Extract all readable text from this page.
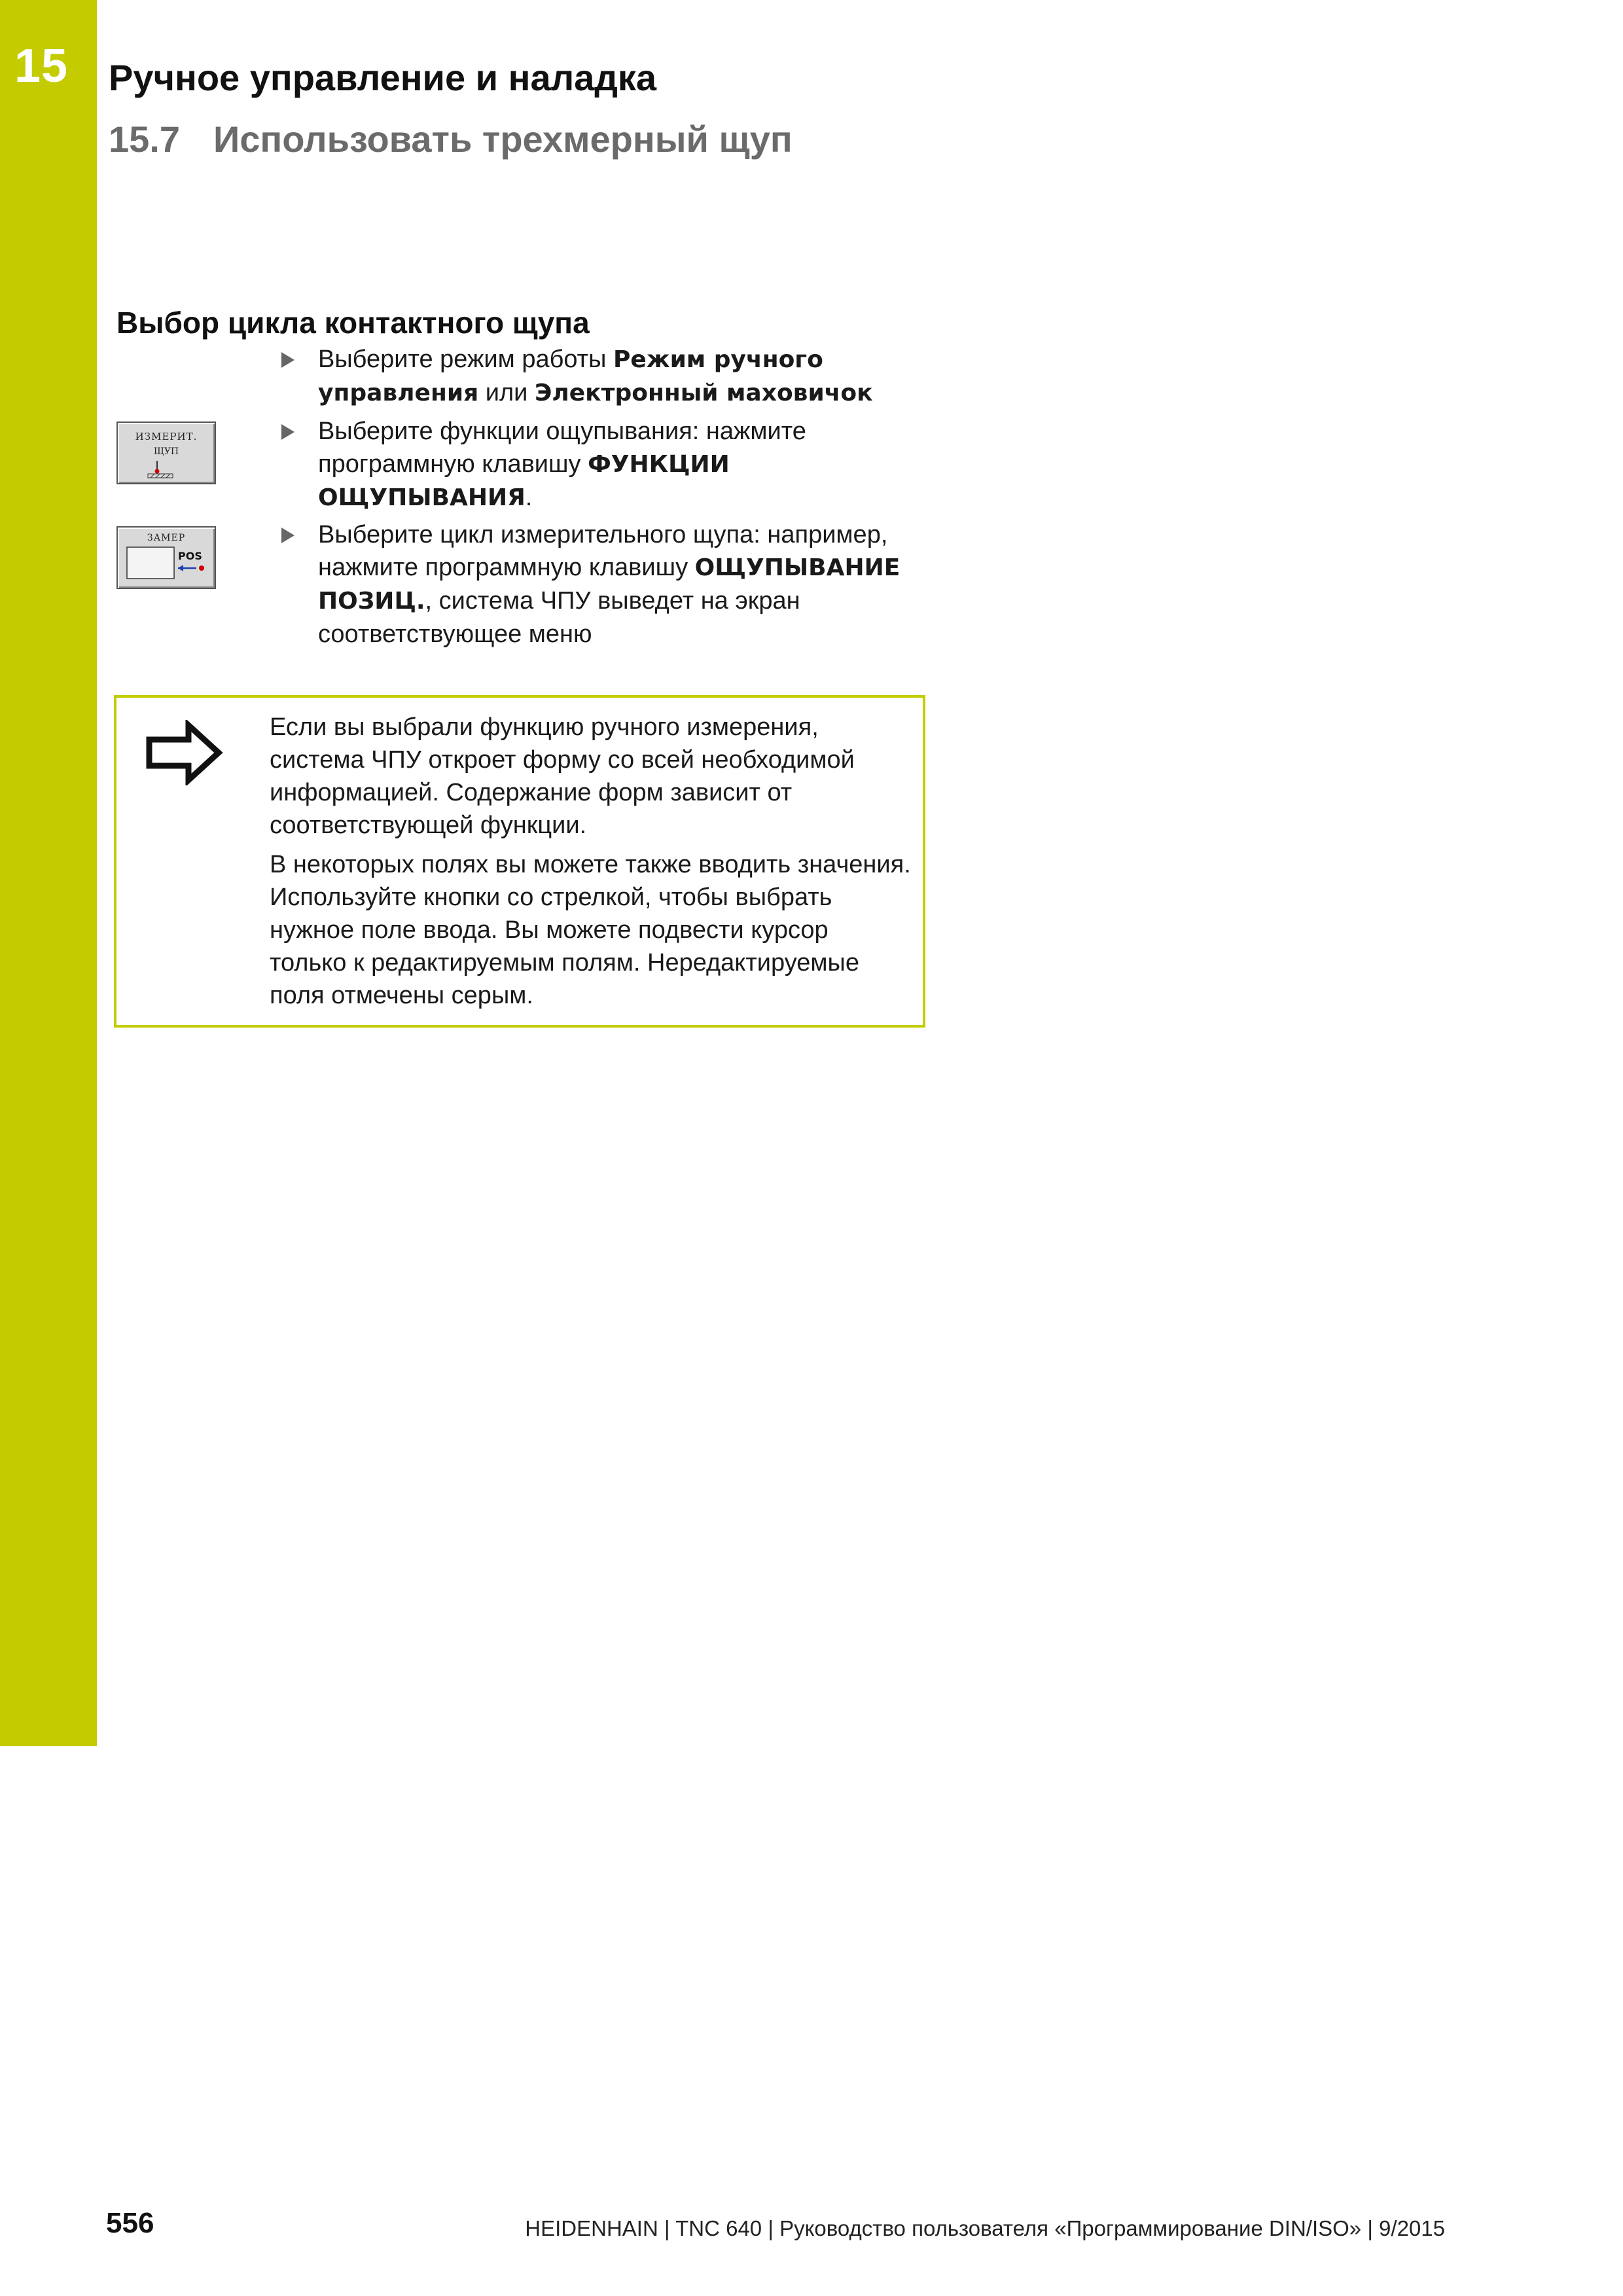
15 Ручное управление и наладка
15.7 Использовать трехмерный щуп
Выбор цикла контактного щупа
Выберите режим работы Режим ручного управления или Электронный маховичок
ИЗМЕРИТ.
ЩУП
Выберите функции ощупывания: нажмите программную клавишу ФУНКЦИИ ОЩУПЫВАНИЯ.
ЗАМЕР
POS
Выберите цикл измерительного щупа: например, нажмите программную клавишу ОЩУПЫВАНИЕ ПОЗИЦ., система ЧПУ выведет на экран соответствующее меню
Если вы выбрали функцию ручного измерения, система ЧПУ откроет форму со всей необходимой информацией. Содержание форм зависит от соответствующей функции.
В некоторых полях вы можете также вводить значения. Используйте кнопки со стрелкой, чтобы выбрать нужное поле ввода. Вы можете подвести курсор только к редактируемым полям. Нередактируемые поля отмечены серым.
556	HEIDENHAIN | TNC 640 | Руководство пользователя «Программирование DIN/ISO» | 9/2015
